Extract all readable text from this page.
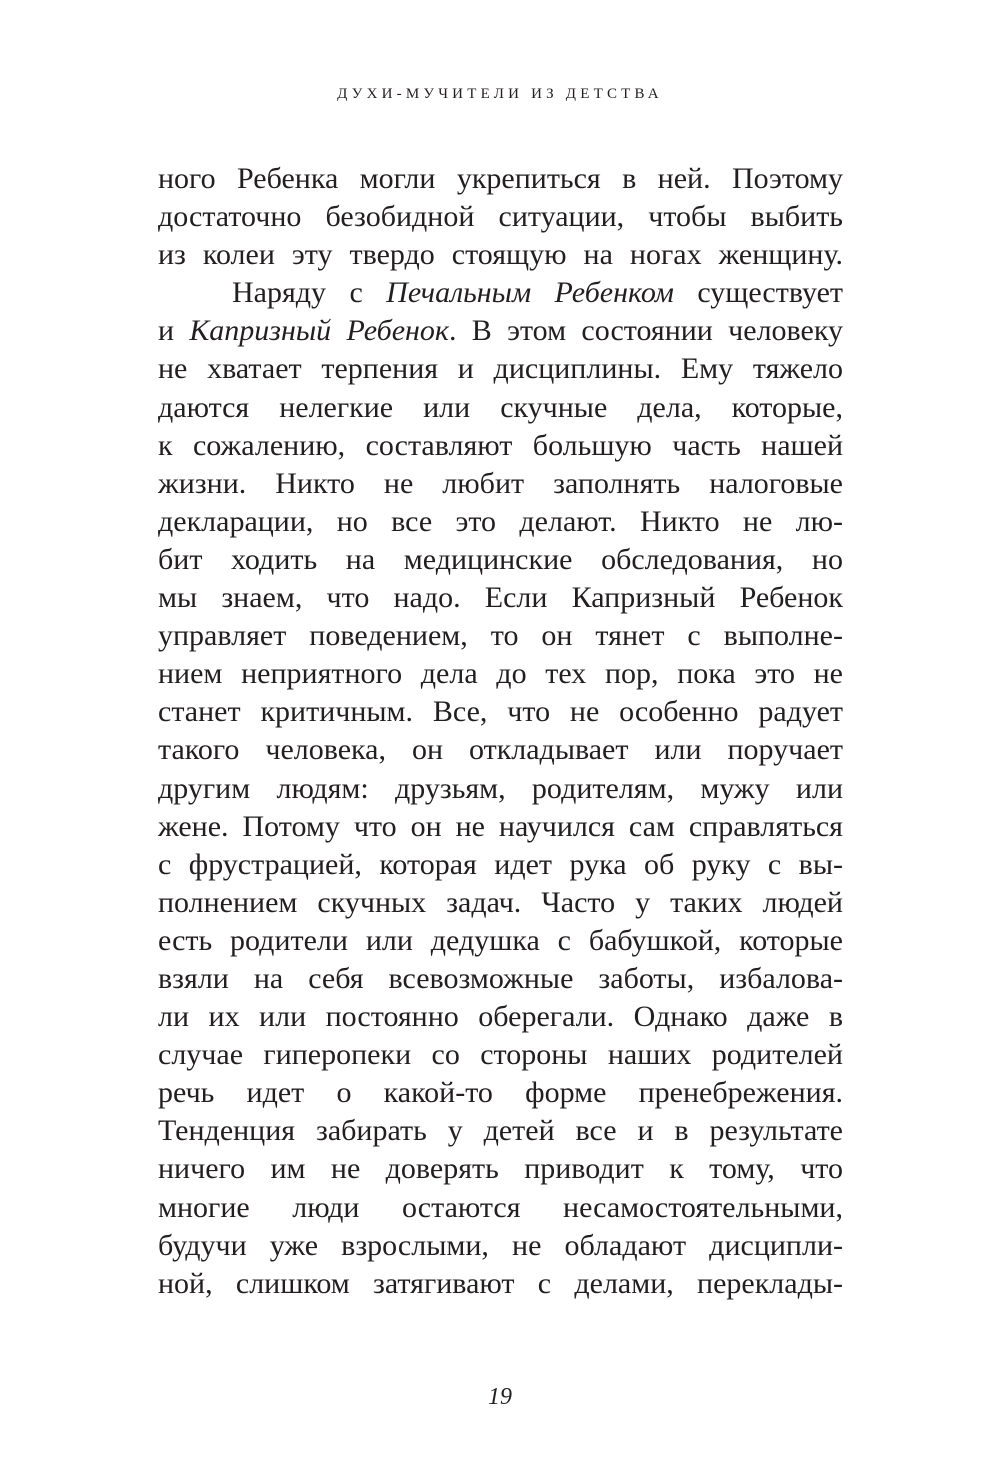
ДУХИ-МУЧИТЕЛИ ИЗ ДЕТСТВА
ного Ребенка могли укрепиться в ней. Поэтому
достаточно безобидной ситуации, чтобы выбить
из колеи эту твердо стоящую на ногах женщину.
Наряду с Печальным Ребенком существует
и Капризный Ребенок. В этом состоянии человеку
не хватает терпения и дисциплины. Ему тяжело
даются нелегкие или скучные дела, которые,
к сожалению, составляют большую часть нашей
жизни. Никто не любит заполнять налоговые
декларации, но все это делают. Никто не лю-
бит ходить на медицинские обследования, но
мы знаем, что надо. Если Капризный Ребенок
управляет поведением, то он тянет с выполне-
нием неприятного дела до тех пор, пока это не
станет критичным. Все, что не особенно радует
такого человека, он откладывает или поручает
другим людям: друзьям, родителям, мужу или
жене. Потому что он не научился сам справляться
с фрустрацией, которая идет рука об руку с вы-
полнением скучных задач. Часто у таких людей
есть родители или дедушка с бабушкой, которые
взяли на себя всевозможные заботы, избалова-
ли их или постоянно оберегали. Однако даже в
случае гиперопеки со стороны наших родителей
речь идет о какой-то форме пренебрежения.
Тенденция забирать у детей все и в результате
ничего им не доверять приводит к тому, что
многие люди остаются несамостоятельными,
будучи уже взрослыми, не обладают дисципли-
ной, слишком затягивают с делами, переклады-
19
